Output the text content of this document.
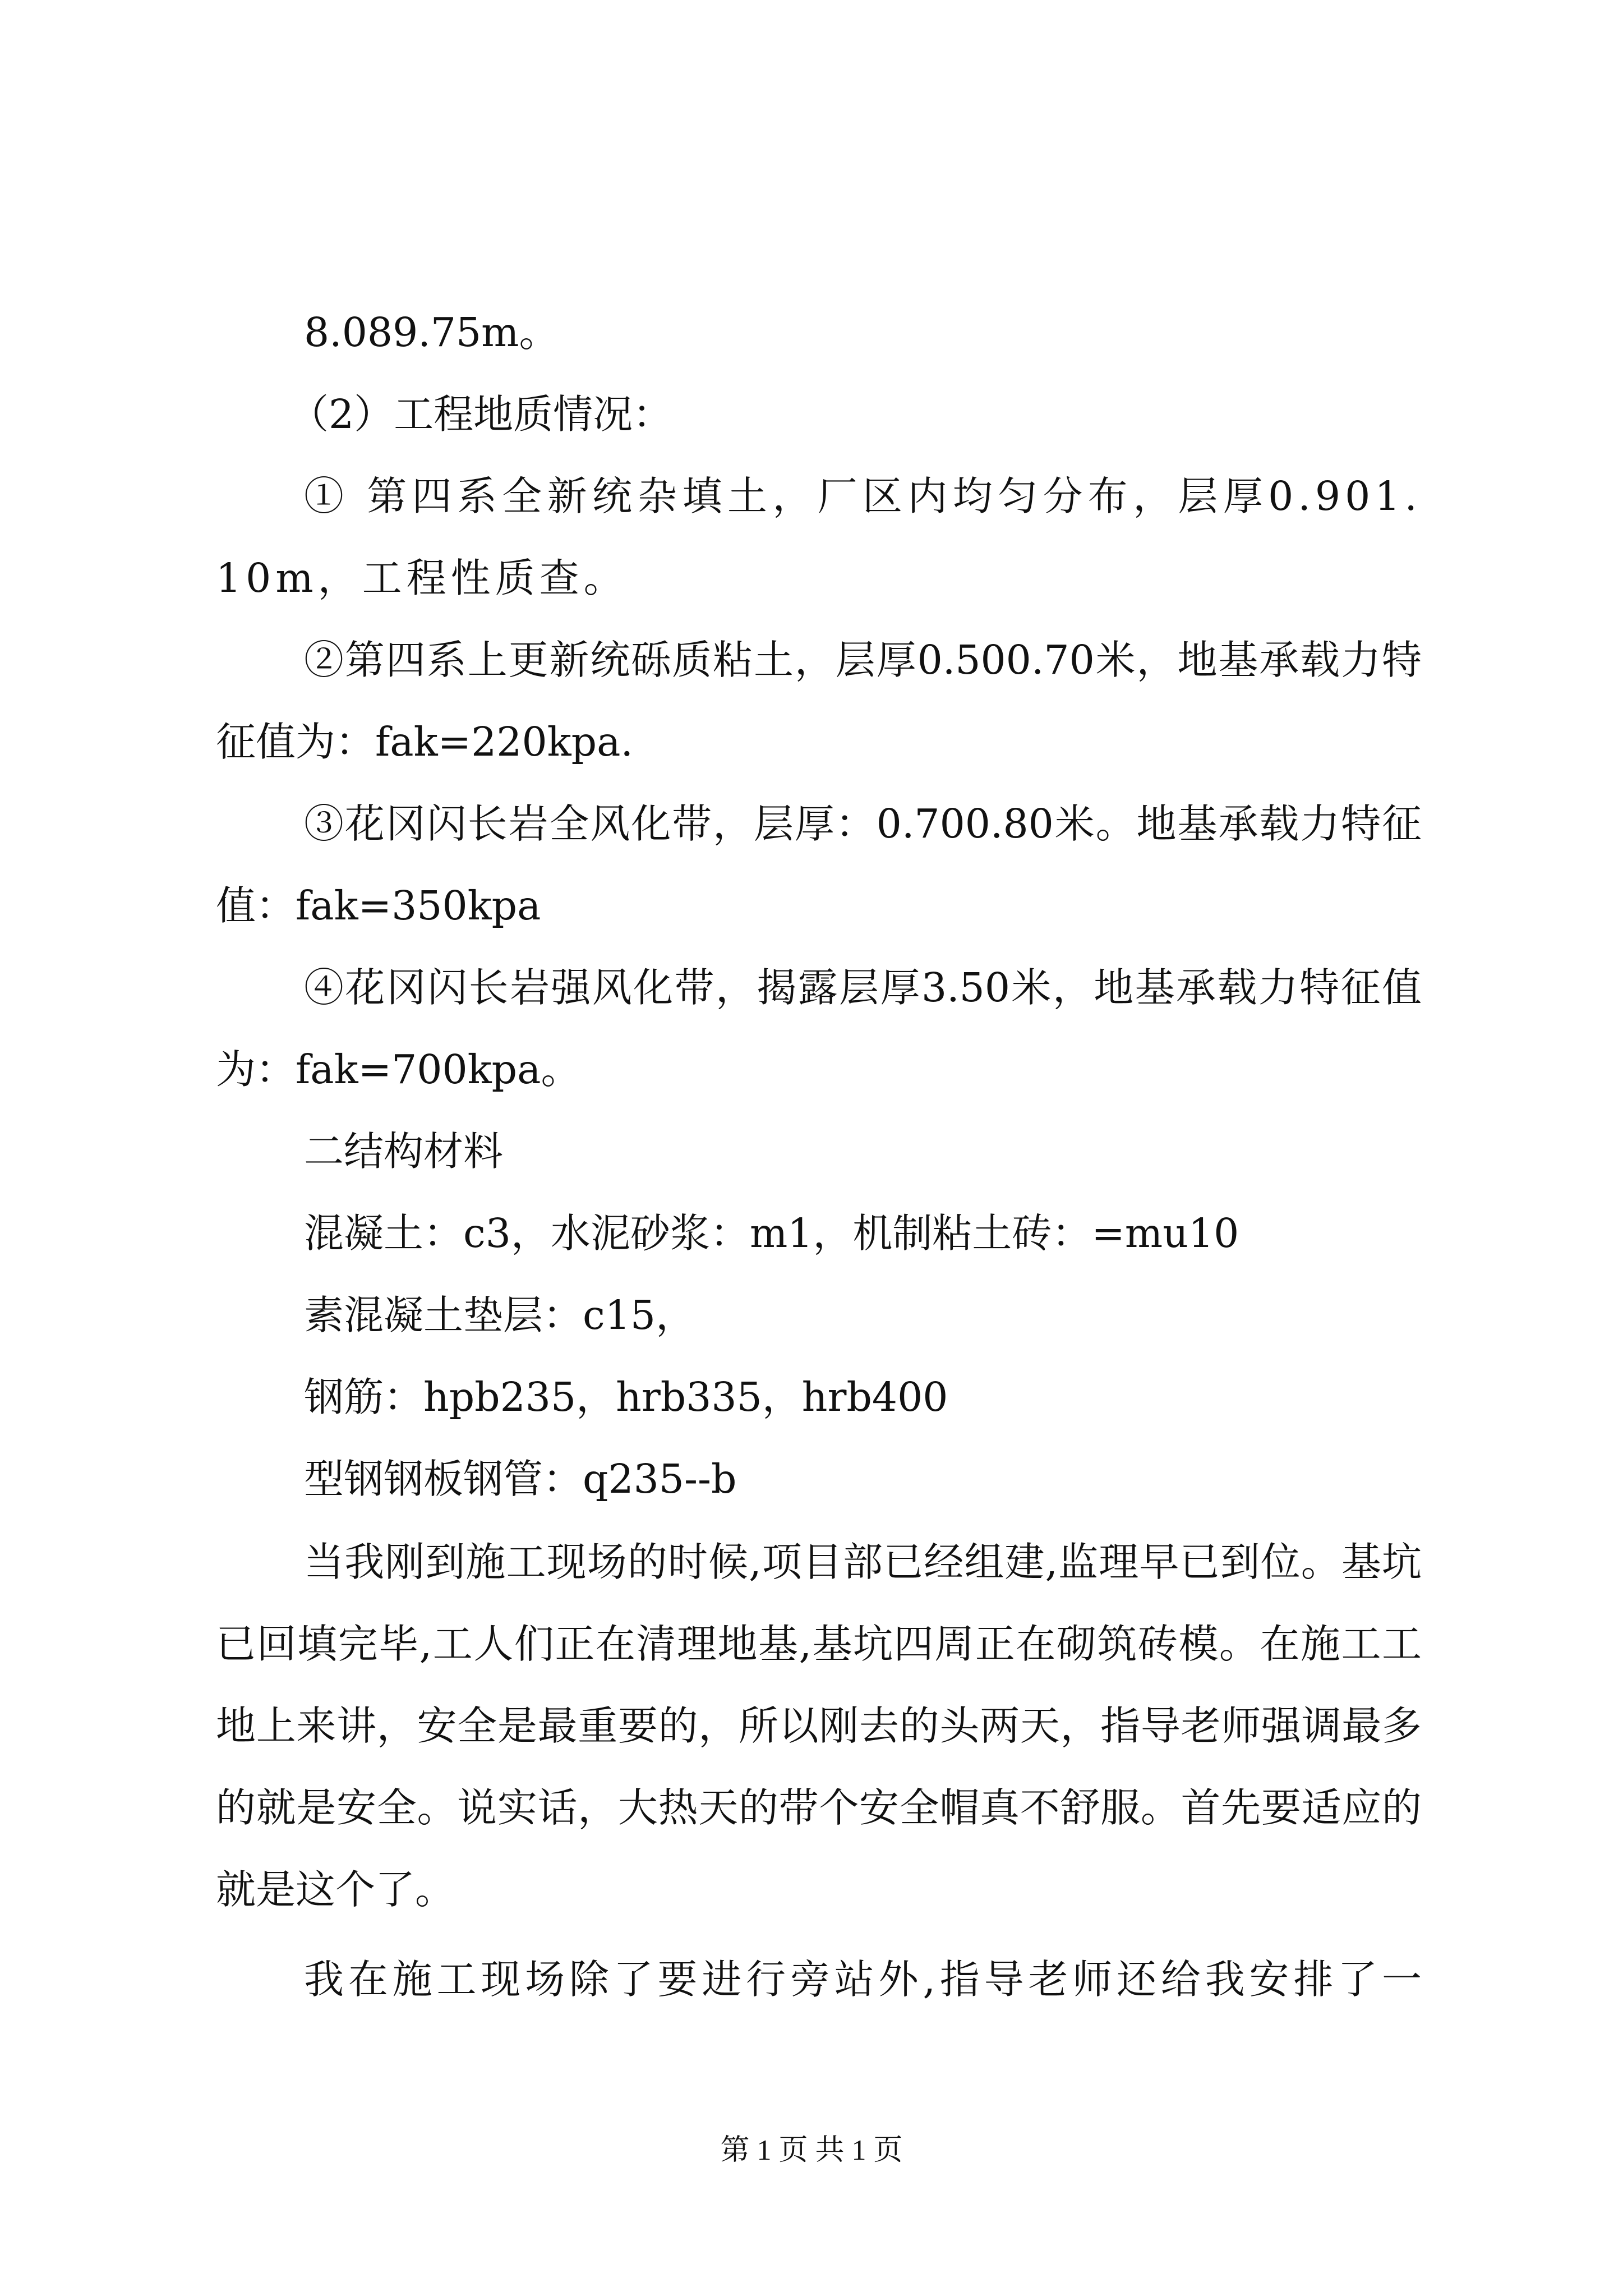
8.089.75m。

（2）工程地质情况：

① 第四系全新统杂填土，厂区内均匀分布，层厚0.901.10m，工程性质查。

②第四系上更新统砾质粘土，层厚0.500.70米，地基承载力特征值为：fak=220kpa.

③花冈闪长岩全风化带，层厚：0.700.80米。地基承载力特征值：fak=350kpa

④花冈闪长岩强风化带，揭露层厚3.50米，地基承载力特征值为：fak=700kpa。

二结构材料

混凝土：c3，水泥砂浆：m1，机制粘土砖：=mu10

素混凝土垫层：c15，

钢筋：hpb235，hrb335，hrb400

型钢钢板钢管：q235--b

当我刚到施工现场的时候,项目部已经组建,监理早已到位。基坑已回填完毕,工人们正在清理地基,基坑四周正在砌筑砖模。在施工工地上来讲，安全是最重要的，所以刚去的头两天，指导老师强调最多的就是安全。说实话，大热天的带个安全帽真不舒服。首先要适应的就是这个了。

我在施工现场除了要进行旁站外,指导老师还给我安排了一

第 1 页 共 1 页
